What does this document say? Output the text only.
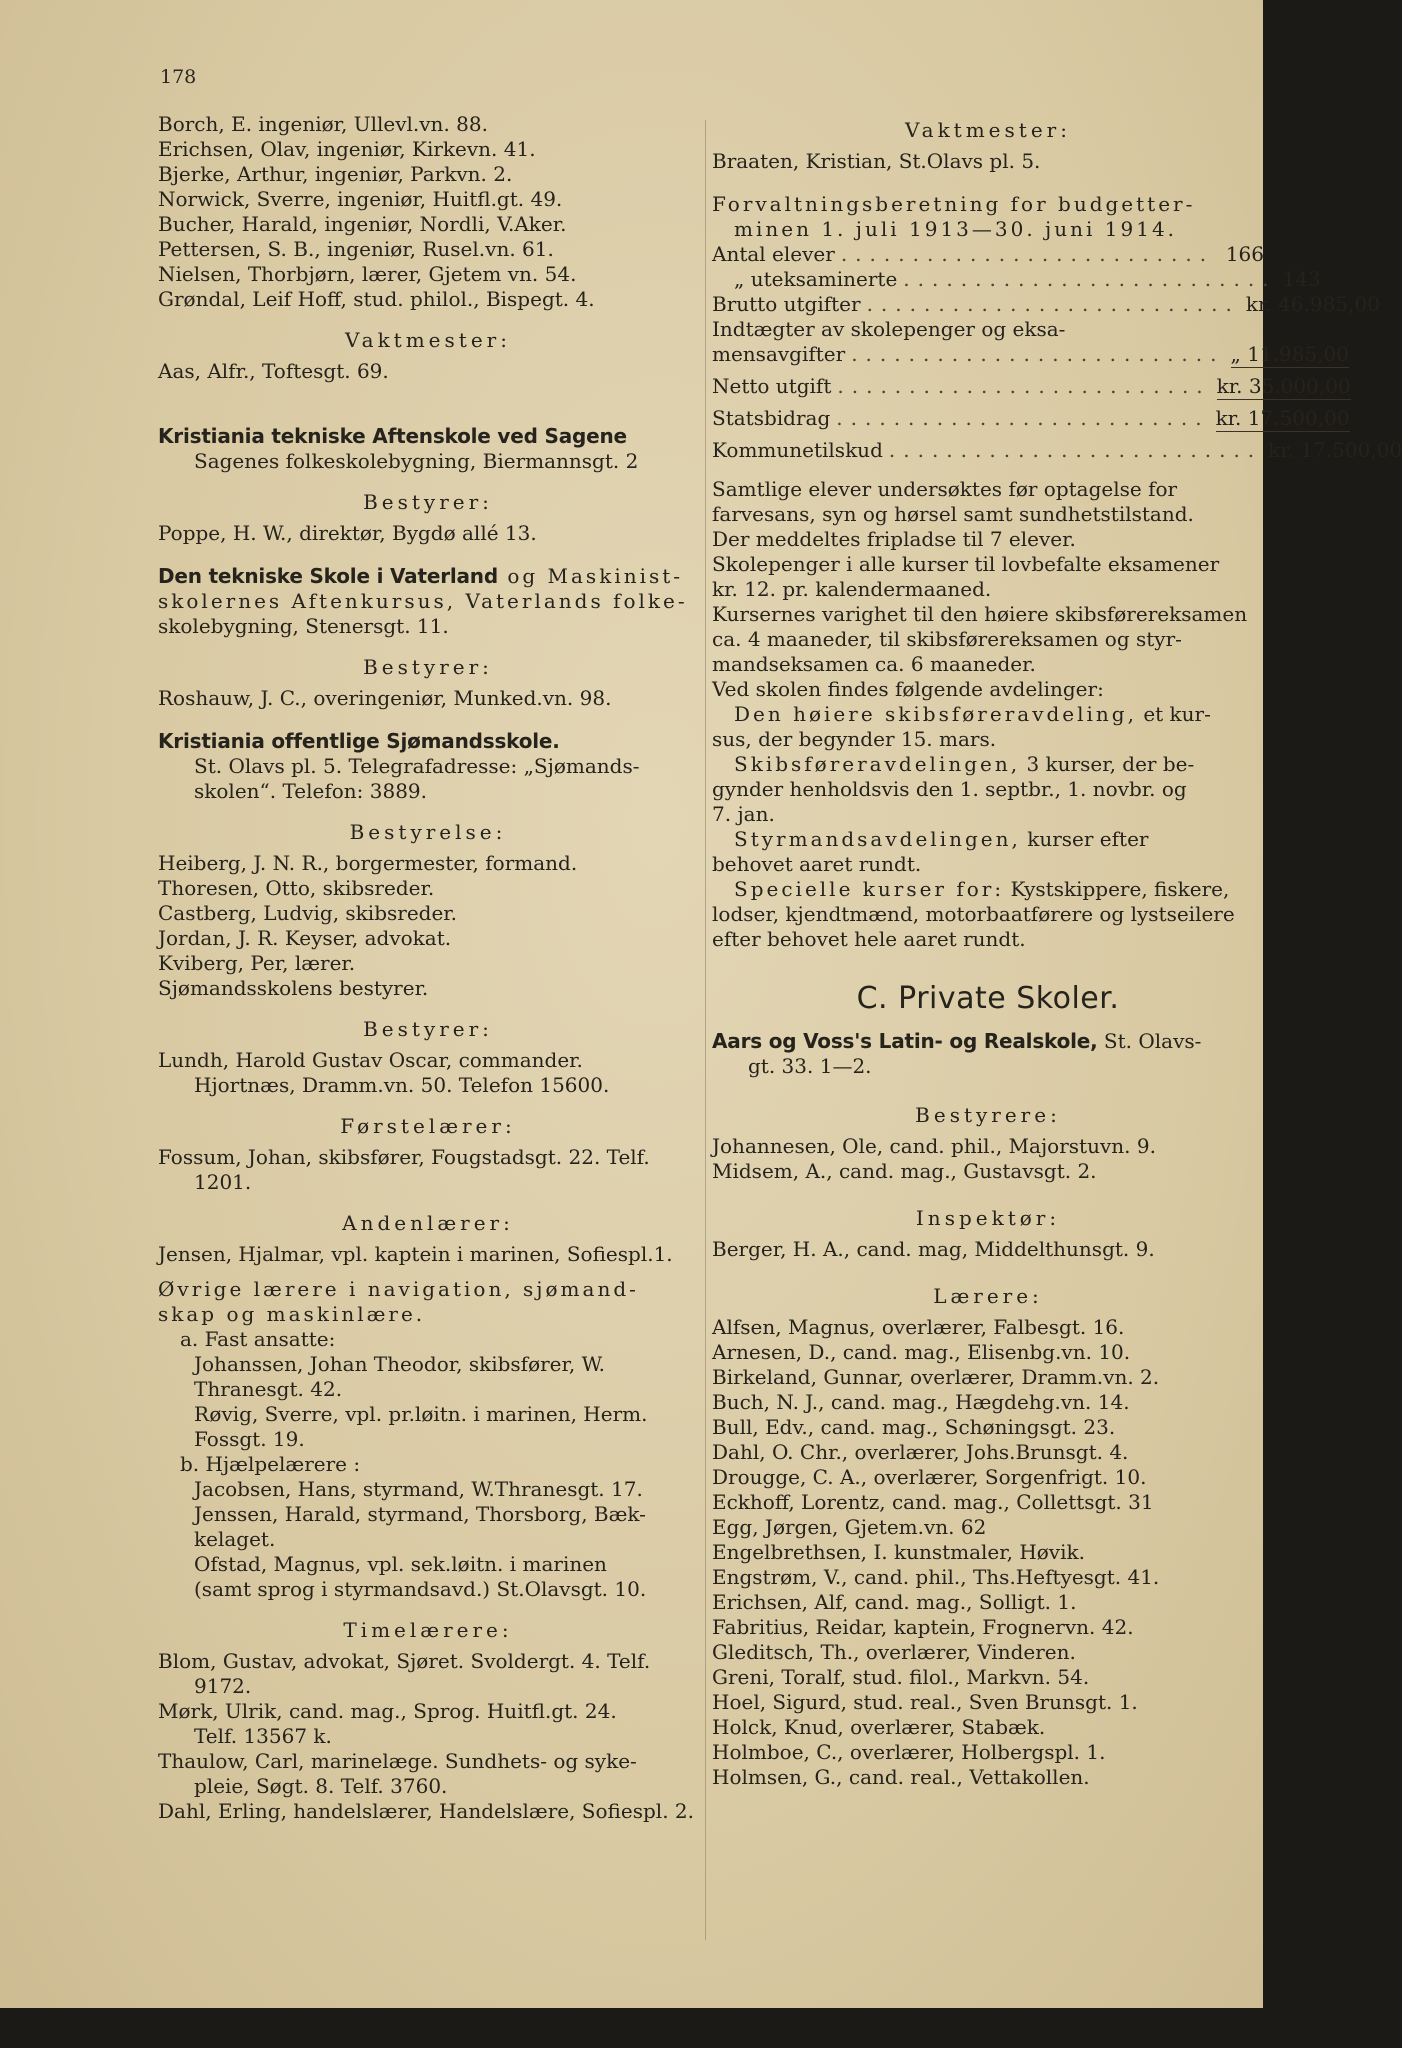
178
Borch, E. ingeniør, Ullevl.vn. 88.
Erichsen, Olav, ingeniør, Kirkevn. 41.
Bjerke, Arthur, ingeniør, Parkvn. 2.
Norwick, Sverre, ingeniør, Huitfl.gt. 49.
Bucher, Harald, ingeniør, Nordli, V.Aker.
Pettersen, S. B., ingeniør, Rusel.vn. 61.
Nielsen, Thorbjørn, lærer, Gjetem vn. 54.
Grøndal, Leif Hoff, stud. philol., Bispegt. 4.
Vaktmester:
Aas, Alfr., Toftesgt. 69.
Kristiania tekniske Aftenskole ved Sagene
Sagenes folkeskolebygning, Biermannsgt. 2
Bestyrer:
Poppe, H. W., direktør, Bygdø allé 13.
Den tekniske Skole i Vaterland og Maskinist-
skolernes Aftenkursus, Vaterlands folke-
skolebygning, Stenersgt. 11.
Bestyrer:
Roshauw, J. C., overingeniør, Munked.vn. 98.
Kristiania offentlige Sjømandsskole.
St. Olavs pl. 5. Telegrafadresse: „Sjømands-
skolen“. Telefon: 3889.
Bestyrelse:
Heiberg, J. N. R., borgermester, formand.
Thoresen, Otto, skibsreder.
Castberg, Ludvig, skibsreder.
Jordan, J. R. Keyser, advokat.
Kviberg, Per, lærer.
Sjømandsskolens bestyrer.
Bestyrer:
Lundh, Harold Gustav Oscar, commander.
Hjortnæs, Dramm.vn. 50. Telefon 15600.
Førstelærer:
Fossum, Johan, skibsfører, Fougstadsgt. 22. Telf.
1201.
Andenlærer:
Jensen, Hjalmar, vpl. kaptein i marinen, Sofiespl.1.
Øvrige lærere i navigation, sjømand-
skap og maskinlære.
a. Fast ansatte:
Johanssen, Johan Theodor, skibsfører, W.
Thranesgt. 42.
Røvig, Sverre, vpl. pr.løitn. i marinen, Herm.
Fossgt. 19.
b. Hjælpelærere :
Jacobsen, Hans, styrmand, W.Thranesgt. 17.
Jenssen, Harald, styrmand, Thorsborg, Bæk-
kelaget.
Ofstad, Magnus, vpl. sek.løitn. i marinen
(samt sprog i styrmandsavd.) St.Olavsgt. 10.
Timelærere:
Blom, Gustav, advokat, Sjøret. Svoldergt. 4. Telf.
9172.
Mørk, Ulrik, cand. mag., Sprog. Huitfl.gt. 24.
Telf. 13567 k.
Thaulow, Carl, marinelæge. Sundhets- og syke-
pleie, Søgt. 8. Telf. 3760.
Dahl, Erling, handelslærer, Handelslære, Sofiespl. 2.
Vaktmester:
Braaten, Kristian, St.Olavs pl. 5.
Forvaltningsberetning for budgetter-
minen 1. juli 1913—30. juni 1914.
Antal elever .......................... 166
„ uteksaminerte .......................... 143
Brutto utgifter .......................... kr. 46.985,00
Indtægter av skolepenger og eksa-
mensavgifter .......................... „ 11.985,00
Netto utgift .......................... kr. 35.000,00
Statsbidrag .......................... kr. 17.500,00
Kommunetilskud .......................... kr. 17.500,00
Samtlige elever undersøktes før optagelse for
farvesans, syn og hørsel samt sundhetstilstand.
Der meddeltes fripladse til 7 elever.
Skolepenger i alle kurser til lovbefalte eksamener
kr. 12. pr. kalendermaaned.
Kursernes varighet til den høiere skibsførereksamen
ca. 4 maaneder, til skibsførereksamen og styr-
mandseksamen ca. 6 maaneder.
Ved skolen findes følgende avdelinger:
Den høiere skibsføreravdeling, et kur-
sus, der begynder 15. mars.
Skibsføreravdelingen, 3 kurser, der be-
gynder henholdsvis den 1. septbr., 1. novbr. og
7. jan.
Styrmandsavdelingen, kurser efter
behovet aaret rundt.
Specielle kurser for: Kystskippere, fiskere,
lodser, kjendtmænd, motorbaatførere og lystseilere
efter behovet hele aaret rundt.
C. Private Skoler.
Aars og Voss's Latin- og Realskole, St. Olavs-
gt. 33. 1—2.
Bestyrere:
Johannesen, Ole, cand. phil., Majorstuvn. 9.
Midsem, A., cand. mag., Gustavsgt. 2.
Inspektør:
Berger, H. A., cand. mag, Middelthunsgt. 9.
Lærere:
Alfsen, Magnus, overlærer, Falbesgt. 16.
Arnesen, D., cand. mag., Elisenbg.vn. 10.
Birkeland, Gunnar, overlærer, Dramm.vn. 2.
Buch, N. J., cand. mag., Hægdehg.vn. 14.
Bull, Edv., cand. mag., Schøningsgt. 23.
Dahl, O. Chr., overlærer, Johs.Brunsgt. 4.
Drougge, C. A., overlærer, Sorgenfrigt. 10.
Eckhoff, Lorentz, cand. mag., Collettsgt. 31
Egg, Jørgen, Gjetem.vn. 62
Engelbrethsen, I. kunstmaler, Høvik.
Engstrøm, V., cand. phil., Ths.Heftyesgt. 41.
Erichsen, Alf, cand. mag., Solligt. 1.
Fabritius, Reidar, kaptein, Frognervn. 42.
Gleditsch, Th., overlærer, Vinderen.
Greni, Toralf, stud. filol., Markvn. 54.
Hoel, Sigurd, stud. real., Sven Brunsgt. 1.
Holck, Knud, overlærer, Stabæk.
Holmboe, C., overlærer, Holbergspl. 1.
Holmsen, G., cand. real., Vettakollen.
